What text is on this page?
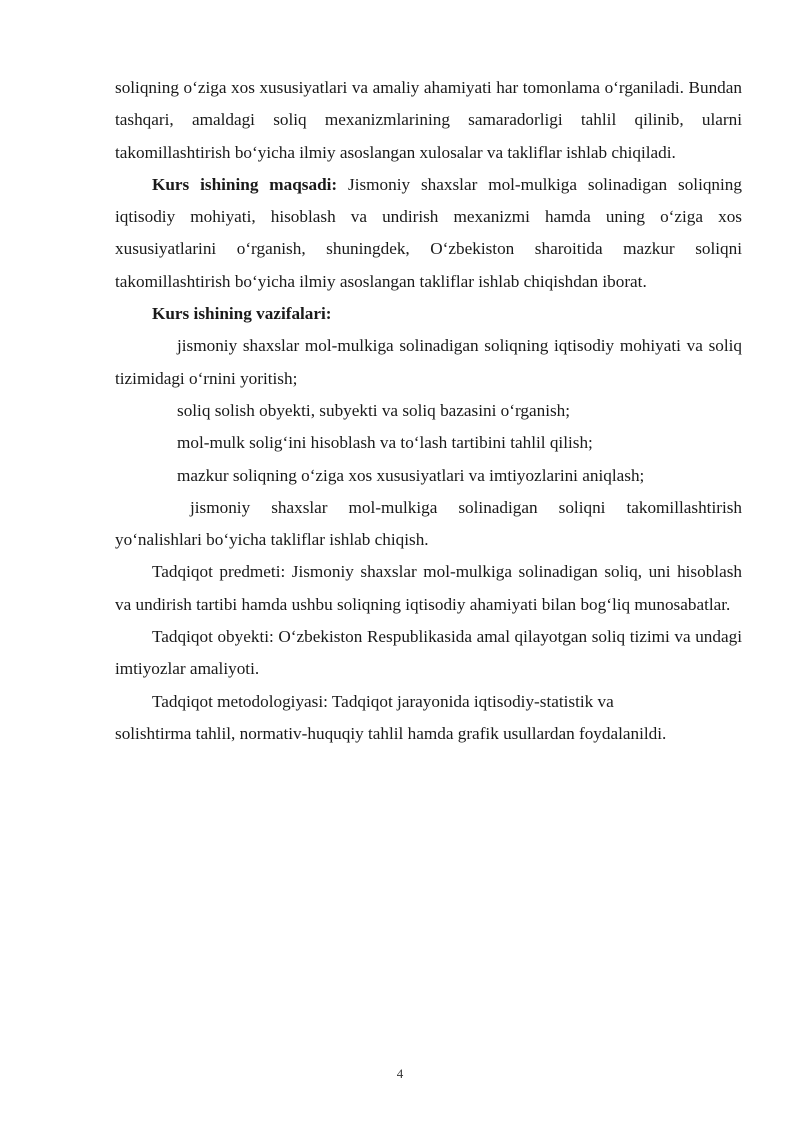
soliqning o‘ziga xos xususiyatlari va amaliy ahamiyati har tomonlama o‘rganiladi. Bundan tashqari, amaldagi soliq mexanizmlarining samaradorligi tahlil qilinib, ularni takomillashtirish bo‘yicha ilmiy asoslangan xulosalar va takliflar ishlab chiqiladi.

Kurs ishining maqsadi: Jismoniy shaxslar mol-mulkiga solinadigan soliqning iqtisodiy mohiyati, hisoblash va undirish mexanizmi hamda uning o‘ziga xos xususiyatlarini o‘rganish, shuningdek, O‘zbekiston sharoitida mazkur soliqni takomillashtirish bo‘yicha ilmiy asoslangan takliflar ishlab chiqishdan iborat.

Kurs ishining vazifalari:

jismoniy shaxslar mol-mulkiga solinadigan soliqning iqtisodiy mohiyati va soliq tizimidagi o‘rnini yoritish;

soliq solish obyekti, subyekti va soliq bazasini o‘rganish;

mol-mulk solig‘ini hisoblash va to‘lash tartibini tahlil qilish;

mazkur soliqning o‘ziga xos xususiyatlari va imtiyozlarini aniqlash;

jismoniy shaxslar mol-mulkiga solinadigan soliqni takomillashtirish yo‘nalishlari bo‘yicha takliflar ishlab chiqish.

Tadqiqot predmeti: Jismoniy shaxslar mol-mulkiga solinadigan soliq, uni hisoblash va undirish tartibi hamda ushbu soliqning iqtisodiy ahamiyati bilan bog‘liq munosabatlar.

Tadqiqot obyekti: O‘zbekiston Respublikasida amal qilayotgan soliq tizimi va undagi imtiyozlar amaliyoti.

Tadqiqot metodologiyasi: Tadqiqot jarayonida iqtisodiy-statistik va

solishtirma tahlil, normativ-huquqiy tahlil hamda grafik usullardan foydalanildi.

4
